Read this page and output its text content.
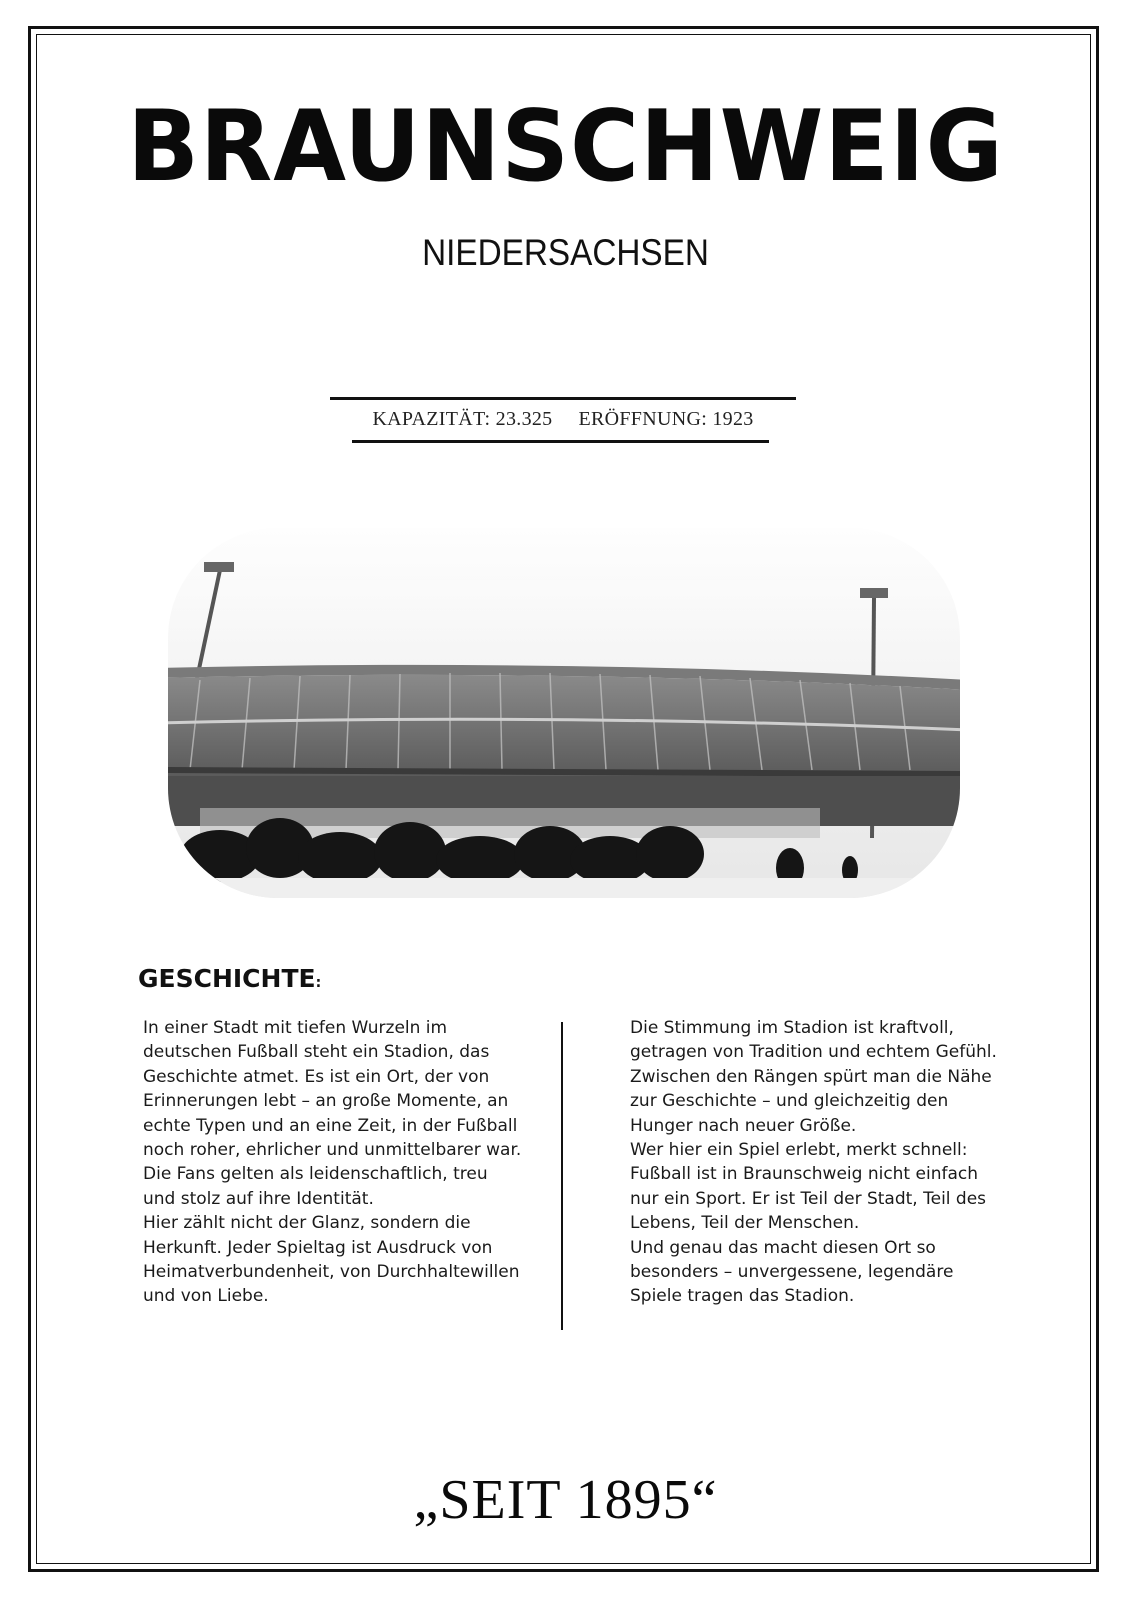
BRAUNSCHWEIG
NIEDERSACHSEN
KAPAZITÄT: 23.325 ERÖFFNUNG: 1923
GESCHICHTE:

In einer Stadt mit tiefen Wurzeln im deutschen Fußball steht ein Stadion, das Geschichte atmet. Es ist ein Ort, der von Erinnerungen lebt – an große Momente, an echte Typen und an eine Zeit, in der Fußball noch roher, ehrlicher und unmittelbarer war.

Die Fans gelten als leidenschaftlich, treu und stolz auf ihre Identität.

Hier zählt nicht der Glanz, sondern die Herkunft. Jeder Spieltag ist Ausdruck von Heimatverbundenheit, von Durchhaltewillen und von Liebe.

Die Stimmung im Stadion ist kraftvoll, getragen von Tradition und echtem Gefühl. Zwischen den Rängen spürt man die Nähe zur Geschichte – und gleichzeitig den Hunger nach neuer Größe.

Wer hier ein Spiel erlebt, merkt schnell: Fußball ist in Braunschweig nicht einfach nur ein Sport. Er ist Teil der Stadt, Teil des Lebens, Teil der Menschen.

Und genau das macht diesen Ort so besonders – unvergessene, legendäre Spiele tragen das Stadion.

„SEIT 1895“
